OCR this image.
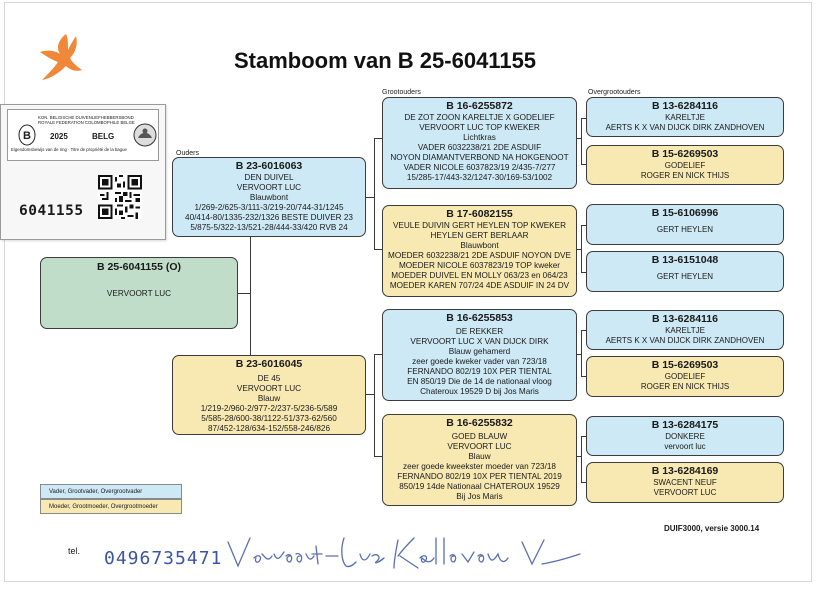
Stamboom van B 25-6041155
Ouders
Grootouders	Overgrootouders
B 25-6041155 (O)
VERVOORT LUC
B 23-6016063
DEN DUIVEL
VERVOORT LUC
Blauwbont
1/269-2/625-3/111-3/219-20/744-31/1245
40/414-80/1335-232/1326 BESTE DUIVER 23
5/875-5/322-13/521-28/444-33/420 RVB 24
B 23-6016045
DE 45
VERVOORT LUC
Blauw
1/219-2/960-2/977-2/237-5/236-5/589
5/585-28/600-38/1122-51/373-62/560
87/452-128/634-152/558-246/826
B 16-6255872
DE ZOT ZOON KARELTJE X GODELIEF
VERVOORT LUC TOP KWEKER
Lichtkras
VADER 6032238/21 2DE ASDUIF
NOYON DIAMANTVERBOND NA HOKGENOOT
VADER NICOLE 6037823/19 2/435-7/277
15/285-17/443-32/1247-30/169-53/1002
B 17-6082155
VEULE DUIVIN GERT HEYLEN TOP KWEKER
HEYLEN GERT BERLAAR
Blauwbont
MOEDER 6032238/21 2DE ASDUIF NOYON DVE
MOEDER NICOLE 6037823/19 TOP kweker
MOEDER DUIVEL EN MOLLY 063/23 en 064/23
MOEDER KAREN 707/24 4DE ASDUIF IN 24 DV
B 16-6255853
DE REKKER
VERVOORT LUC X VAN DIJCK DIRK
Blauw gehamerd
zeer goede kweker vader van 723/18
FERNANDO 802/19 10X PER TIENTAL
EN 850/19 Die de 14 de nationaal vloog
Chateroux 19529 D bij Jos Maris
B 16-6255832
GOED BLAUW
VERVOORT LUC
Blauw
zeer goede kweekster moeder van 723/18
FERNANDO 802/19 10X PER TIENTAL 2019
850/19 14de Nationaal CHATEROUX 19529
Bij Jos Maris
B 13-6284116
KARELTJE
AERTS K X VAN DIJCK DIRK ZANDHOVEN
B 15-6269503
GODELIEF
ROGER EN NICK THIJS
B 15-6106996
GERT HEYLEN
B 13-6151048
GERT HEYLEN
B 13-6284116
KARELTJE
AERTS K X VAN DIJCK DIRK ZANDHOVEN
B 15-6269503
GODELIEF
ROGER EN NICK THIJS
B 13-6284175
DONKERE
vervoort luc
B 13-6284169
SWACENT NEUF
VERVOORT LUC
Vader, Grootvader, Overgrootvader
Moeder, Grootmoeder, Overgrootmoeder
DUIF3000, versie 3000.14
tel. 0496735471
B
KON. BELGISCHE DUIVENLIEFHEBBERSBOND
ROYALE FEDERATION COLOMBOPHILE BELGE
2025	BELG
Eigendomsbewijs van de ring · Titre de propriété de la bague
6041155
